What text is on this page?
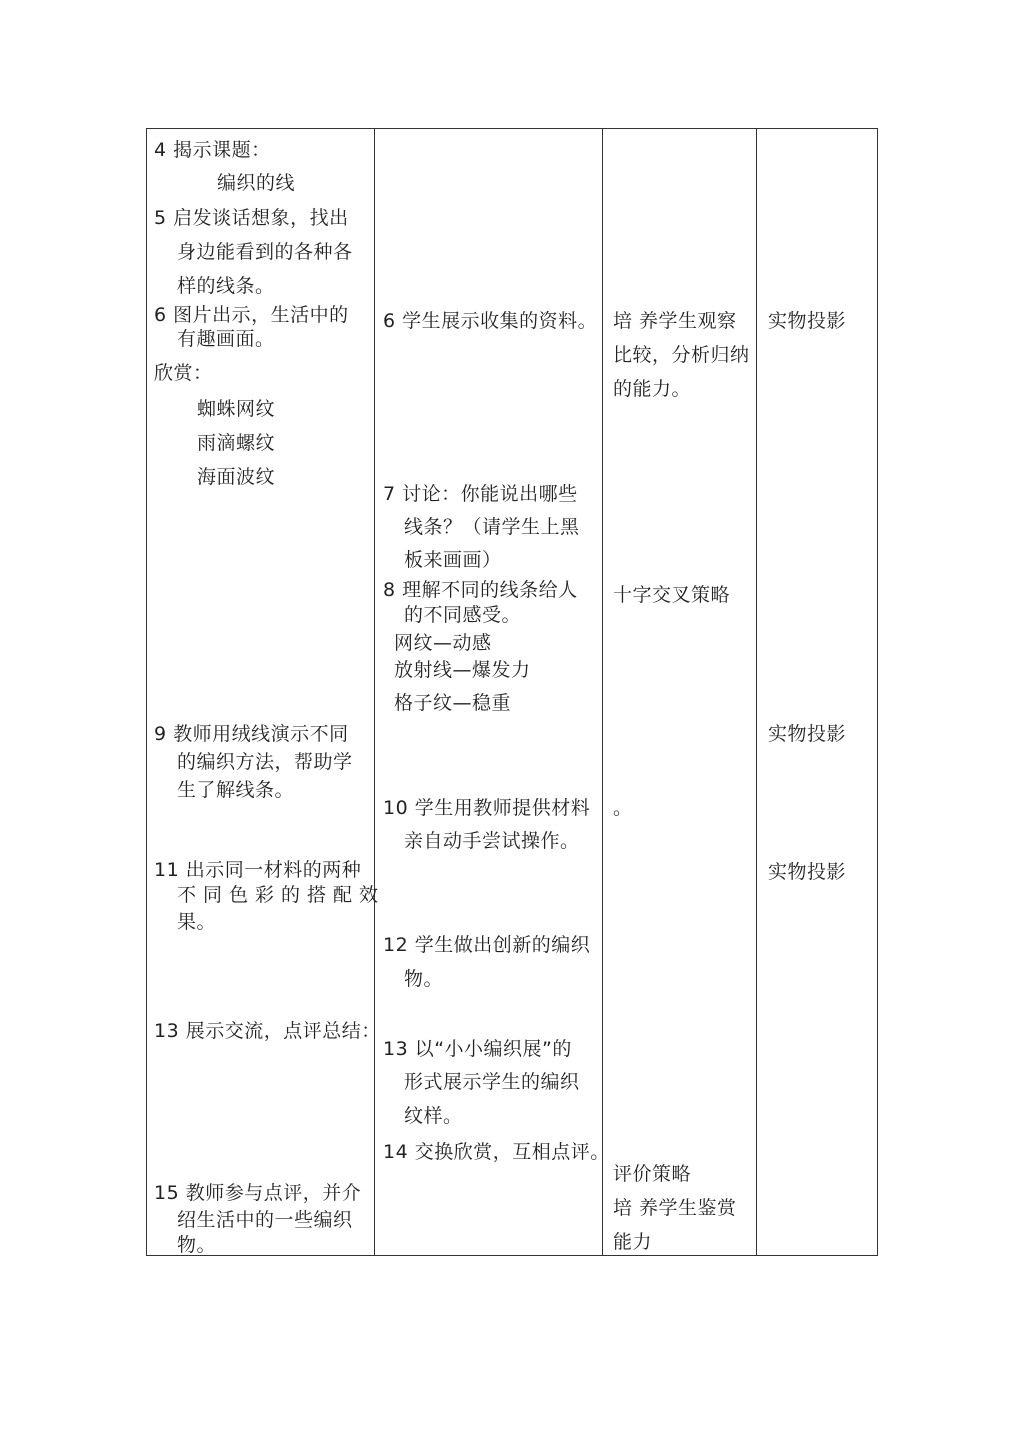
4 揭示课题：
编织的线
5 启发谈话想象，找出
身边能看到的各种各
样的线条。
6 图片出示，生活中的
有趣画面。
欣赏：
蜘蛛网纹
雨滴螺纹
海面波纹
9 教师用绒线演示不同
的编织方法，帮助学
生了解线条。
11 出示同一材料的两种
不同色彩的搭配效
果。
13 展示交流，点评总结：
15 教师参与点评，并介
绍生活中的一些编织
物。
6 学生展示收集的资料。
7 讨论：你能说出哪些
线条？（请学生上黑
板来画画）
8 理解不同的线条给人
的不同感受。
网纹—动感
放射线—爆发力
格子纹—稳重
10 学生用教师提供材料
亲自动手尝试操作。
12 学生做出创新的编织
物。
13 以“小小编织展”的
形式展示学生的编织
纹样。
14 交换欣赏，互相点评。
培 养学生观察
比较，分析归纳
的能力。
十字交叉策略
。
评价策略
培 养学生鉴赏
能力
实物投影
实物投影
实物投影
